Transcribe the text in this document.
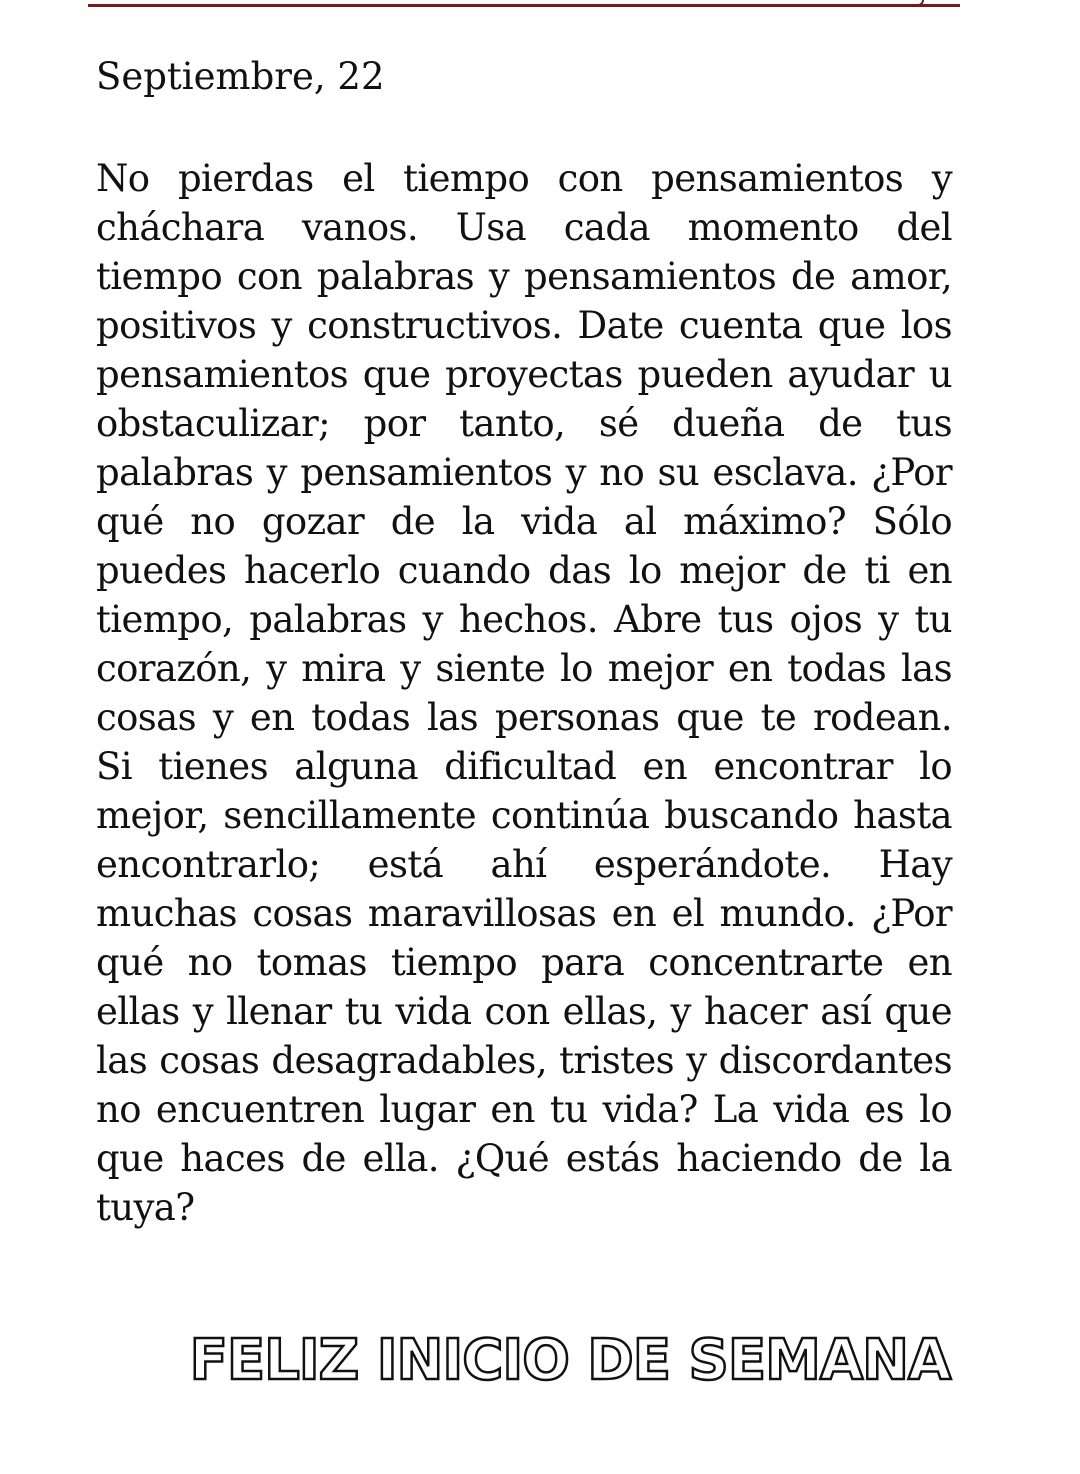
Septiembre, 22
No pierdas el tiempo con pensamientos y cháchara vanos. Usa cada momento del tiempo con palabras y pensamientos de amor, positivos y constructivos. Date cuenta que los pensamientos que proyectas pueden ayudar u obstaculizar; por tanto, sé dueña de tus palabras y pensamientos y no su esclava. ¿Por qué no gozar de la vida al máximo? Sólo puedes hacerlo cuando das lo mejor de ti en tiempo, palabras y hechos. Abre tus ojos y tu corazón, y mira y siente lo mejor en todas las cosas y en todas las personas que te rodean. Si tienes alguna dificultad en encontrar lo mejor, sencillamente continúa buscando hasta encontrarlo; está ahí esperándote. Hay muchas cosas maravillosas en el mundo. ¿Por qué no tomas tiempo para concentrarte en ellas y llenar tu vida con ellas, y hacer así que las cosas desagradables, tristes y discordantes no encuentren lugar en tu vida? La vida es lo que haces de ella. ¿Qué estás haciendo de la tuya?
FELIZ INICIO DE SEMANA
